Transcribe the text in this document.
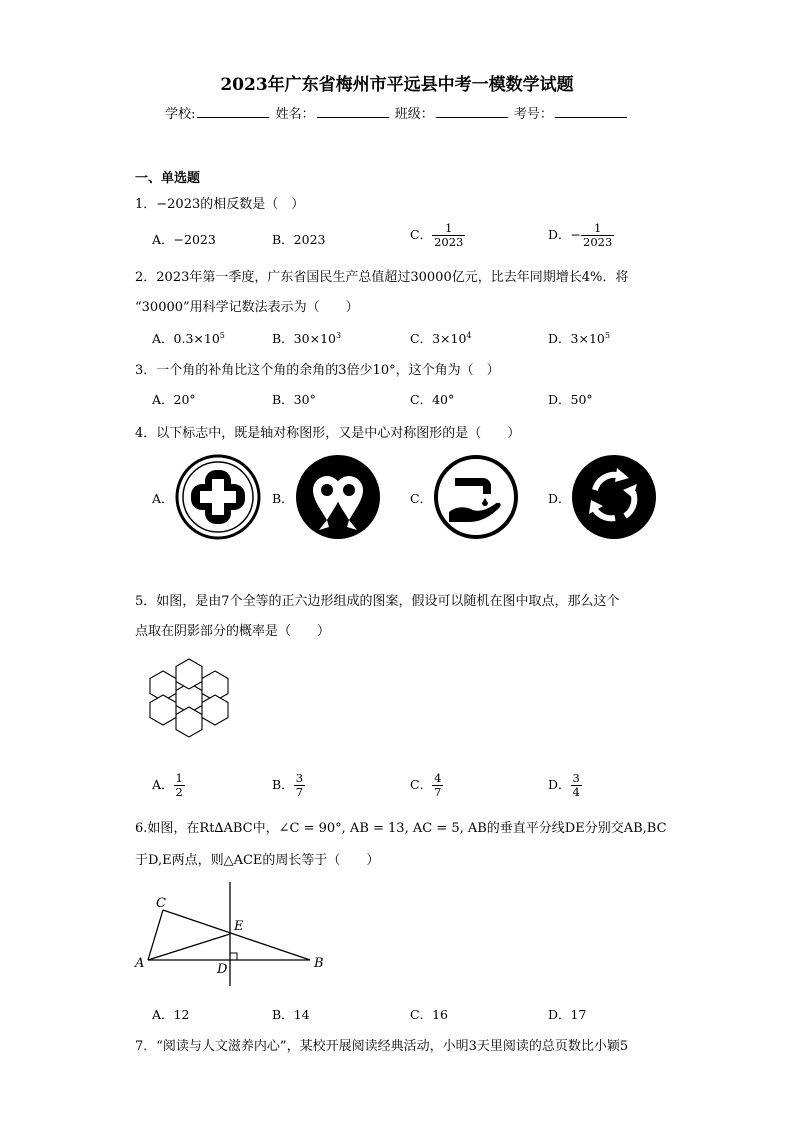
2023年广东省梅州市平远县中考一模数学试题
学校:	姓名：	班级：	考号：
一、单选题
1．−2023的相反数是（　）
A．−2023	B．2023	C． $\frac{1}{2023}$	D．− $\frac{1}{2023}$
2．2023年第一季度，广东省国民生产总值超过30000亿元，比去年同期增长4%．将
“30000”用科学记数法表示为（　　）
A．$0.3\times 10^5$	B．$30\times 10^3$	C．$3\times 10^4$	D．$3\times 10^5$
3．一个角的补角比这个角的余角的3倍少10°，这个角为（　）
A．20°	B．30°	C．40°	D．50°
4．以下标志中，既是轴对称图形，又是中心对称图形的是（　　）
A．	B．	C．	D．
5．如图，是由7个全等的正六边形组成的图案，假设可以随机在图中取点，那么这个
点取在阴影部分的概率是（　　）
A． $\frac{1}{2}$	B． $\frac{3}{7}$	C． $\frac{4}{7}$	D． $\frac{3}{4}$
6.如图，在Rt∆ABC中，∠C = 90°, AB = 13, AC = 5, AB的垂直平分线DE分别交AB,BC
于D,E两点，则△ACE的周长等于（　　）
C
E
A	D	B
A．12	B．14	C．16	D．17
7．“阅读与人文滋养内心”，某校开展阅读经典活动，小明3天里阅读的总页数比小颖5
